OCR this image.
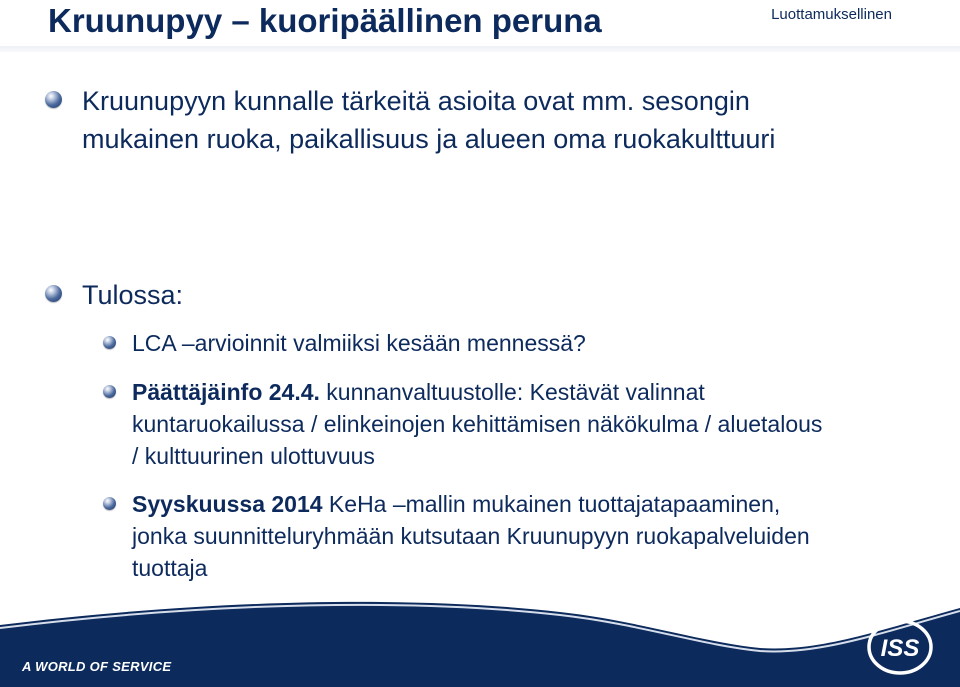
Kruunupyy – kuoripäällinen peruna	Luottamuksellinen
Kruunupyyn kunnalle tärkeitä asioita ovat mm. sesongin mukainen ruoka, paikallisuus ja alueen oma ruokakulttuuri
Tulossa:
LCA –arvioinnit valmiiksi kesään mennessä?
Päättäjäinfo 24.4. kunnanvaltuustolle: Kestävät valinnat kuntaruokailussa / elinkeinojen kehittämisen näkökulma / aluetalous / kulttuurinen ulottuvuus
Syyskuussa 2014 KeHa –mallin mukainen tuottajatapaaminen, jonka suunnitteluryhmään kutsutaan Kruunupyyn ruokapalveluiden tuottaja
A WORLD OF SERVICE	4
ISS
